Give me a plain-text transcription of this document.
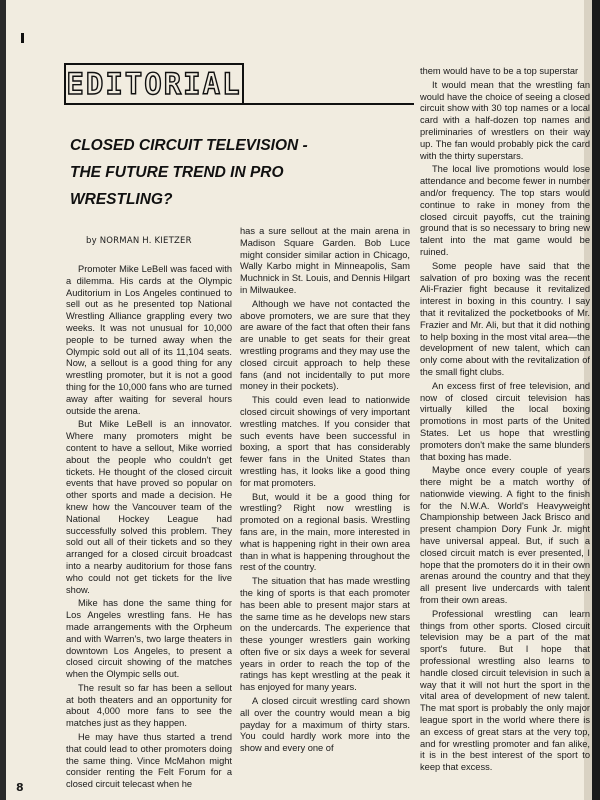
EDITORIAL
CLOSED CIRCUIT TELEVISION -
THE FUTURE TREND IN PRO WRESTLING?
by NORMAN H. KIETZER

Promoter Mike LeBell was faced with a dilemma. His cards at the Olympic Auditorium in Los Angeles continued to sell out as he presented top National Wrestling Alliance grappling every two weeks. It was not unusual for 10,000 people to be turned away when the Olympic sold out all of its 11,104 seats. Now, a sellout is a good thing for any wrestling promoter, but it is not a good thing for the 10,000 fans who are turned away after waiting for several hours outside the arena.

But Mike LeBell is an innovator. Where many promoters might be content to have a sellout, Mike worried about the people who couldn't get tickets. He thought of the closed circuit events that have proved so popular on other sports and made a decision. He knew how the Vancouver team of the National Hockey League had successfully solved this problem. They sold out all of their tickets and so they arranged for a closed circuit broadcast into a nearby auditorium for those fans who could not get tickets for the live show.

Mike has done the same thing for Los Angeles wrestling fans. He has made arrangements with the Orpheum and with Warren's, two large theaters in downtown Los Angeles, to present a closed circuit showing of the matches when the Olympic sells out.

The result so far has been a sellout at both theaters and an opportunity for about 4,000 more fans to see the matches just as they happen.

He may have thus started a trend that could lead to other promoters doing the same thing. Vince McMahon might consider renting the Felt Forum for a closed circuit telecast when he

has a sure sellout at the main arena in Madison Square Garden. Bob Luce might consider similar action in Chicago, Wally Karbo might in Minneapolis, Sam Muchnick in St. Louis, and Dennis Hilgart in Milwaukee.

Although we have not contacted the above promoters, we are sure that they are aware of the fact that often their fans are unable to get seats for their great wrestling programs and they may use the closed circuit approach to help these fans (and not incidentally to put more money in their pockets).

This could even lead to nationwide closed circuit showings of very important wrestling matches. If you consider that such events have been successful in boxing, a sport that has considerably fewer fans in the United States than wrestling has, it looks like a good thing for mat promoters.

But, would it be a good thing for wrestling? Right now wrestling is promoted on a regional basis. Wrestling fans are, in the main, more interested in what is happening right in their own area than in what is happening throughout the rest of the country.

The situation that has made wrestling the king of sports is that each promoter has been able to present major stars at the same time as he develops new stars on the undercards. The experience that these younger wrestlers gain working often five or six days a week for several years in order to reach the top of the ratings has kept wrestling at the peak it has enjoyed for many years.

A closed circuit wrestling card shown all over the country would mean a big payday for a maximum of thirty stars. You could hardly work more into the show and every one of

them would have to be a top superstar

It would mean that the wrestling fan would have the choice of seeing a closed circuit show with 30 top names or a local card with a half-dozen top names and preliminaries of wrestlers on their way up. The fan would probably pick the card with the thirty superstars.

The local live promotions would lose attendance and become fewer in number and/or frequency. The top stars would continue to rake in money from the closed circuit payoffs, cut the training ground that is so necessary to bring new talent into the mat game would be ruined.

Some people have said that the salvation of pro boxing was the recent Ali-Frazier fight because it revitalized interest in boxing in this country. I say that it revitalized the pocketbooks of Mr. Frazier and Mr. Ali, but that it did nothing to help boxing in the most vital area—the development of new talent, which can only come about with the revitalization of the small fight clubs.

An excess first of free television, and now of closed circuit television has virtually killed the local boxing promotions in most parts of the United States. Let us hope that wrestling promoters don't make the same blunders that boxing has made.

Maybe once every couple of years there might be a match worthy of nationwide viewing. A fight to the finish for the N.W.A. World's Heavyweight Championship between Jack Brisco and present champion Dory Funk Jr. might have universal appeal. But, if such a closed circuit match is ever presented, I hope that the promoters do it in their own arenas around the country and that they all present live undercards with talent from their own areas.

Professional wrestling can learn things from other sports. Closed circuit television may be a part of the mat sport's future. But I hope that professional wrestling also learns to handle closed circuit television in such a way that it will not hurt the sport in the vital area of development of new talent. The mat sport is probably the only major league sport in the world where there is an excess of great stars at the very top, and for wrestling promoter and fan alike, it is in the best interest of the sport to keep that excess.

8
